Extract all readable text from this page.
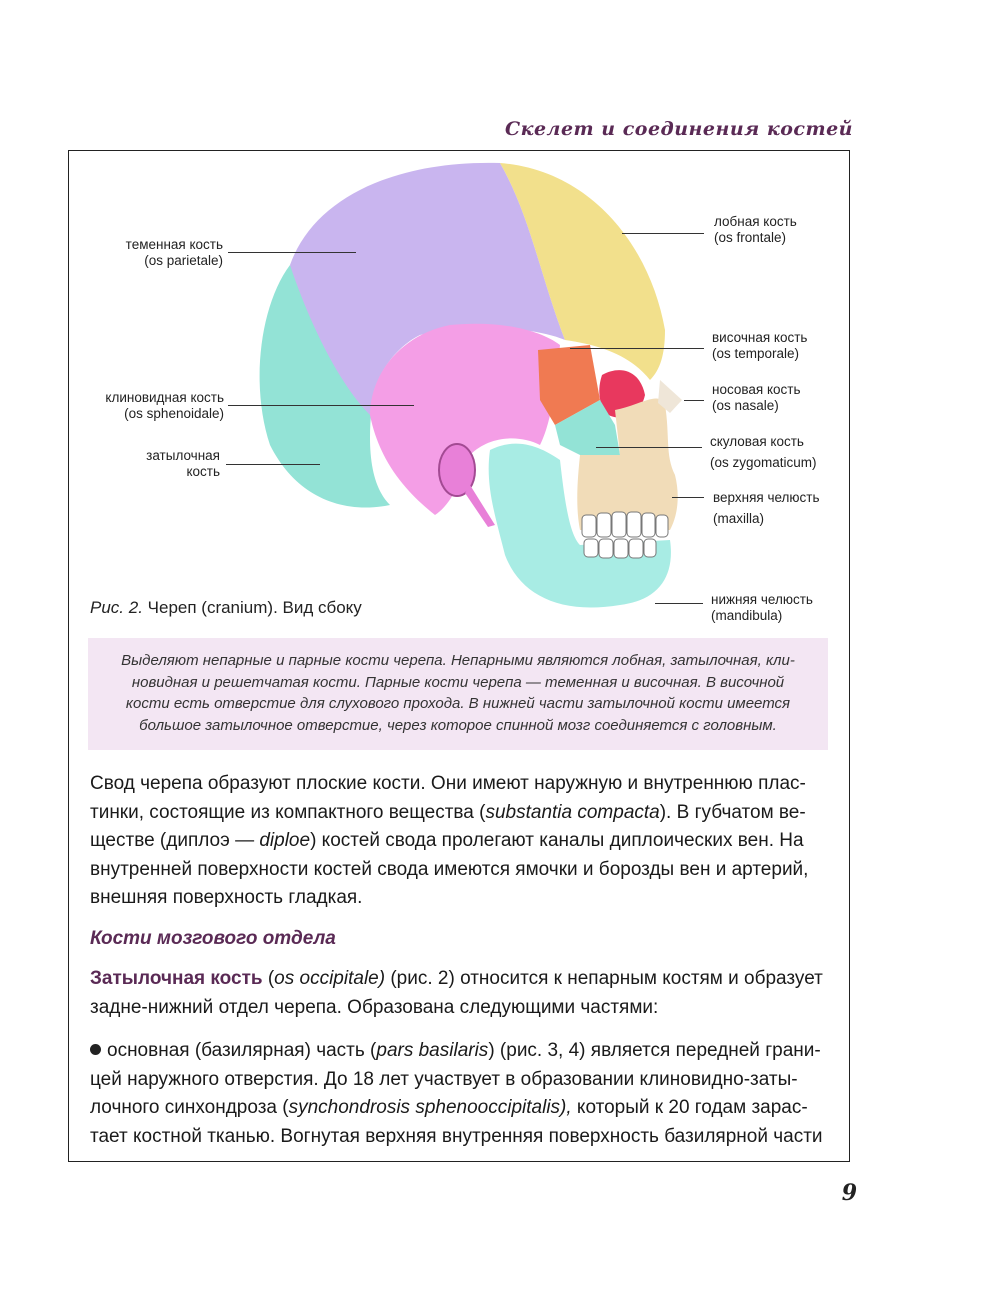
Скелет и соединения костей
теменная кость
(os parietale)
клиновидная кость
(os sphenoidale)
затылочная
кость
лобная кость
(os frontale)
височная кость
(os temporale)
носовая кость
(os nasale)
скуловая кость
(os zygomaticum)
верхняя челюсть
(maxilla)
нижняя челюсть
(mandibula)
Рис. 2. Череп (cranium). Вид сбоку
Выделяют непарные и парные кости черепа. Непарными являются лобная, затылочная, кли-
новидная и решетчатая кости. Парные кости черепа — теменная и височная. В височной
кости есть отверстие для слухового прохода. В нижней части затылочной кости имеется
большое затылочное отверстие, через которое спинной мозг соединяется с головным.
Свод черепа образуют плоские кости. Они имеют наружную и внутреннюю плас-тинки, состоящие из компактного вещества (substantia compacta). В губчатом ве-ществе (диплоэ — diploe) костей свода пролегают каналы диплоических вен. На внутренней поверхности костей свода имеются ямочки и борозды вен и артерий, внешняя поверхность гладкая.
Кости мозгового отдела
Затылочная кость (os occipitale) (рис. 2) относится к непарным костям и образует задне-нижний отдел черепа. Образована следующими частями:
основная (базилярная) часть (pars basilaris) (рис. 3, 4) является передней грани-цей наружного отверстия. До 18 лет участвует в образовании клиновидно-заты-лочного синхондроза (synchondrosis sphenooccipitalis), который к 20 годам зарас-тает костной тканью. Вогнутая верхняя внутренняя поверхность базилярной части
9
